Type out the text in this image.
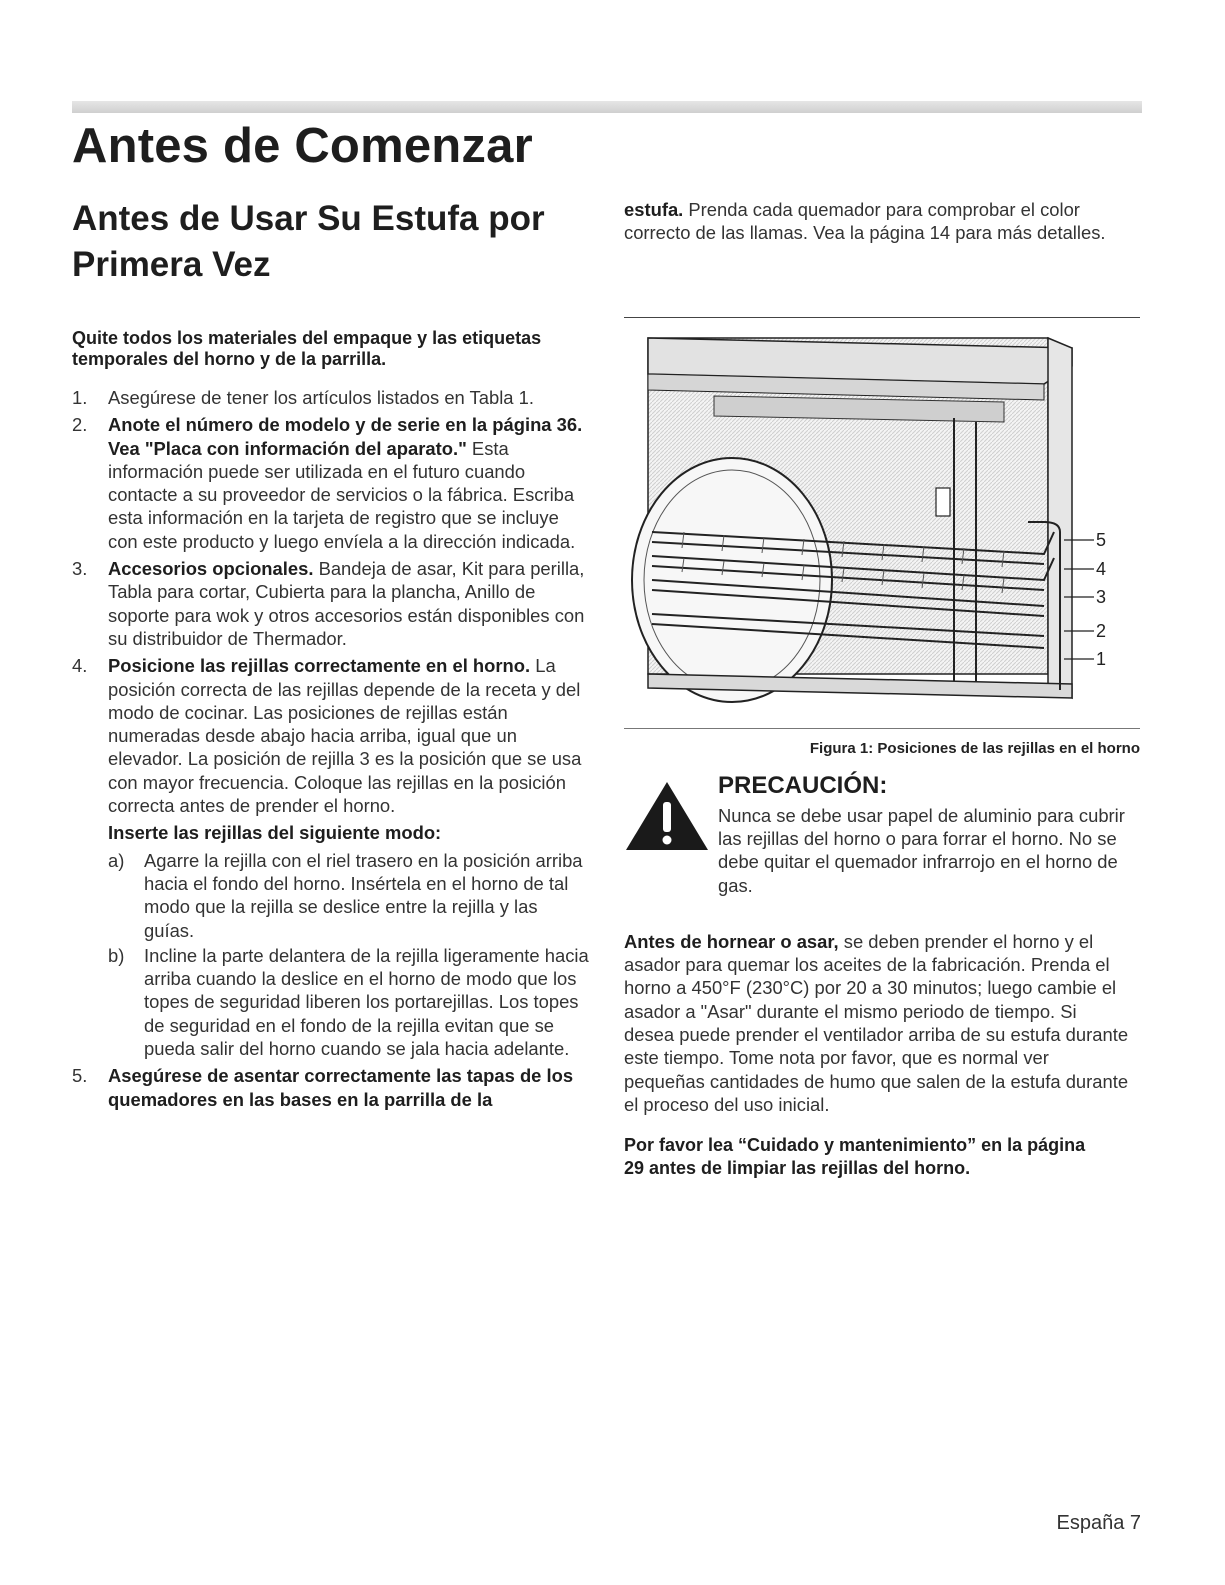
Antes de Comenzar
Antes de Usar Su Estufa por
Primera Vez

Quite todos los materiales del empaque y las etiquetas temporales del horno y de la parrilla.

1. Asegúrese de tener los artículos listados en Tabla 1.
2. Anote el número de modelo y de serie en la página 36. Vea "Placa con información del aparato." Esta información puede ser utilizada en el futuro cuando contacte a su proveedor de servicios o la fábrica. Escriba esta información en la tarjeta de registro que se incluye con este producto y luego envíela a la dirección indicada.
3. Accesorios opcionales. Bandeja de asar, Kit para perilla, Tabla para cortar, Cubierta para la plancha, Anillo de soporte para wok y otros accesorios están disponibles con su distribuidor de Thermador.
4. Posicione las rejillas correctamente en el horno. La posición correcta de las rejillas depende de la receta y del modo de cocinar. Las posiciones de rejillas están numeradas desde abajo hacia arriba, igual que un elevador. La posición de rejilla 3 es la posición que se usa con mayor frecuencia. Coloque las rejillas en la posición correcta antes de prender el horno.
Inserte las rejillas del siguiente modo:
a) Agarre la rejilla con el riel trasero en la posición arriba hacia el fondo del horno. Insértela en el horno de tal modo que la rejilla se deslice entre la rejilla y las guías.
b) Incline la parte delantera de la rejilla ligeramente hacia arriba cuando la deslice en el horno de modo que los topes de seguridad liberen los portarejillas. Los topes de seguridad en el fondo de la rejilla evitan que se pueda salir del horno cuando se jala hacia adelante.
5. Asegúrese de asentar correctamente las tapas de los quemadores en las bases en la parrilla de la
estufa. Prenda cada quemador para comprobar el color correcto de las llamas. Vea la página 14 para más detalles.
5
4
3
2
1
Figura 1: Posiciones de las rejillas en el horno
PRECAUCIÓN:
Nunca se debe usar papel de aluminio para cubrir las rejillas del horno o para forrar el horno. No se debe quitar el quemador infrarrojo en el horno de gas.

Antes de hornear o asar, se deben prender el horno y el asador para quemar los aceites de la fabricación. Prenda el horno a 450°F (230°C) por 20 a 30 minutos; luego cambie el asador a "Asar" durante el mismo periodo de tiempo. Si desea puede prender el ventilador arriba de su estufa durante este tiempo. Tome nota por favor, que es normal ver pequeñas cantidades de humo que salen de la estufa durante el proceso del uso inicial.

Por favor lea “Cuidado y mantenimiento” en la página 29 antes de limpiar las rejillas del horno.

España 7
